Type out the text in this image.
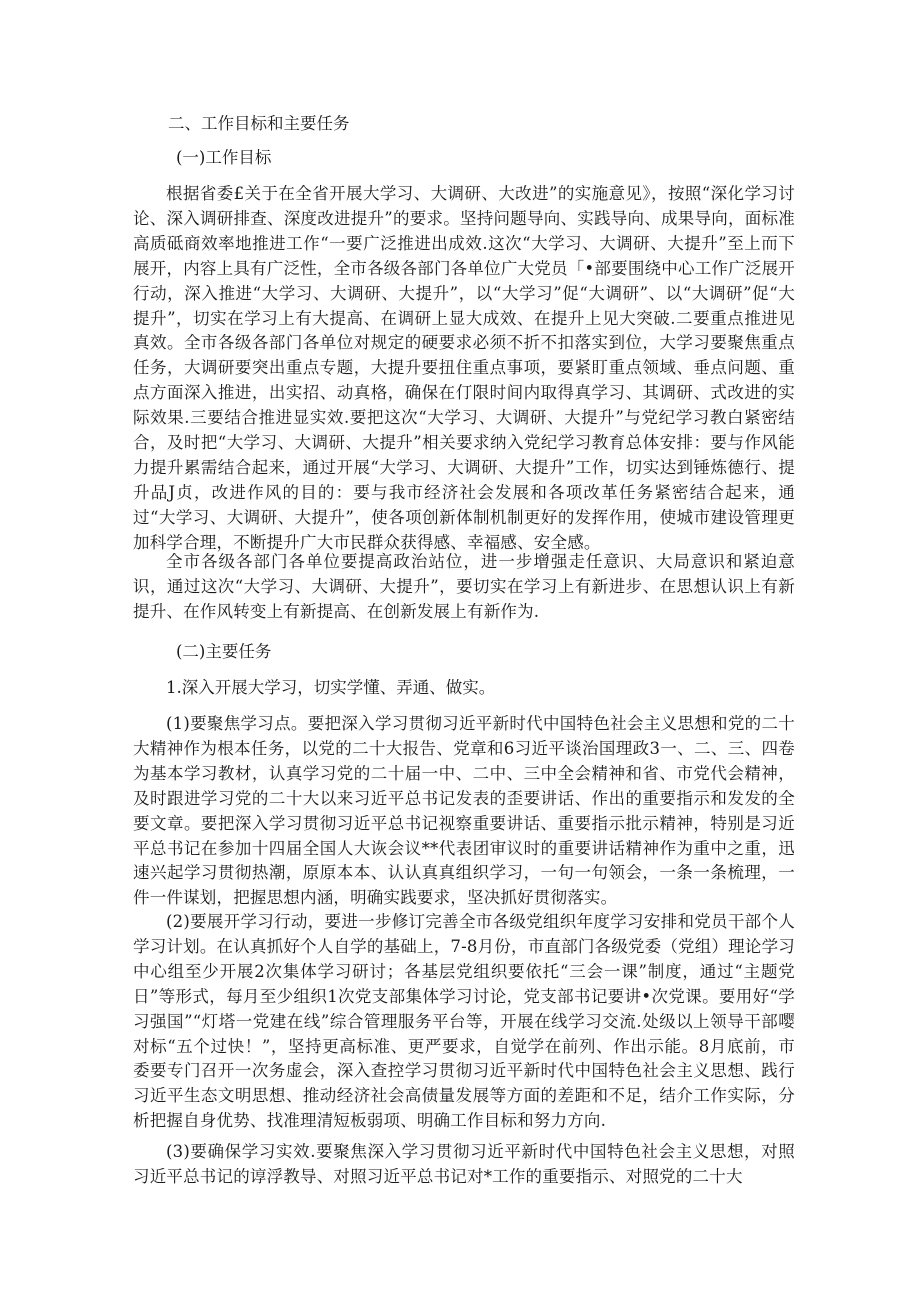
二、工作目标和主要任务

(一)工作目标

根据省委£关于在全省开展大学习、大调研、大改进”的实施意见》，按照“深化学习讨论、深入调研排查、深度改进提升”的要求。坚持问题导向、实践导向、成果导向，面标准高质砥商效率地推进工作“一要广泛推进出成效.这次“大学习、大调研、大提升”至上而下展开，内容上具有广泛性，全市各级各部门各单位广大党员「•部要围绕中心工作广泛展开行动，深入推进“大学习、大调研、大提升”，以“大学习”促“大调研”、以“大调研”促“大提升”，切实在学习上有大提高、在调研上显大成效、在提升上见大突破.二要重点推进见真效。全市各级各部门各单位对规定的硬要求必须不折不扣落实到位，大学习要聚焦重点任务，大调研要突出重点专题，大提升要扭住重点事项，要紧盯重点领域、垂点问题、重点方面深入推进，出实招、动真格，确保在仃限时间内取得真学习、其调研、式改进的实际效果.三要结合推进显实效.要把这次“大学习、大调研、大提升”与党纪学习教白紧密结合，及时把“大学习、大调研、大提升”相关要求纳入党纪学习教育总体安排：要与作风能力提升累需结合起来，通过开展“大学习、大调研、大提升”工作，切实达到锤炼德行、提升品J贞，改进作风的目的：要与我市经济社会发展和各项改革任务紧密结合起来，通过“大学习、大调研、大提升”，使各项创新体制机制更好的发挥作用，使城市建设管理更加科学合理，不断提升广大市民群众获得感、幸福感、安全感。

全市各级各部门各单位要提高政治站位，进一步增强走任意识、大局意识和紧迫意识，通过这次“大学习、大调研、大提升”，要切实在学习上有新进步、在思想认识上有新提升、在作风转变上有新提高、在创新发展上有新作为.

(二)主要任务

1.深入开展大学习，切实学懂、弄通、做实。

(1)要聚焦学习点。要把深入学习贯彻习近平新时代中国特色社会主义思想和党的二十大精神作为根本任务，以党的二十大报告、党章和6习近平谈治国理政3一、二、三、四卷为基本学习教材，认真学习党的二十届一中、二中、三中全会精神和省、市党代会精神，及时跟进学习党的二十大以来习近平总书记发表的歪要讲话、作出的重要指示和发发的全要文章。要把深入学习贯彻习近平总书记视察重要讲话、重要指示批示精神，特别是习近平总书记在参加十四届全国人大诙会议**代表团审议时的重要讲话精神作为重中之重，迅速兴起学习贯彻热潮，原原本本、认认真真组织学习，一句一句领会，一条一条梳理，一件一件谋划，把握思想内涵，明确实践要求，坚决抓好贯彻落实。

(2)要展开学习行动，要进一步修订完善全市各级党组织年度学习安排和党员干部个人学习计划。在认真抓好个人自学的基础上，7-8月份，市直部门各级党委（党组）理论学习中心组至少开展2次集体学习研讨；各基层党组织要依托“三会一课”制度，通过“主题党日”等形式，每月至少组织1次党支部集体学习讨论，党支部书记要讲•次党课。要用好“学习强国”“灯塔一党建在线”综合管理服务平台等，开展在线学习交流.处级以上领导干部嘤对标“五个过快！”，坚持更高标准、更严要求，自觉学在前列、作出示能。8月底前，市委要专门召开一次务虚会，深入查控学习贯彻习近平新时代中国特色社会主义思想、践行习近平生态文明思想、推动经济社会高债量发展等方面的差距和不足，结介工作实际，分析把握自身优势、找准理清短板弱项、明确工作目标和努力方向.

(3)要确保学习实效.要聚焦深入学习贯彻习近平新时代中国特色社会主义思想，对照习近平总书记的谆浮教导、对照习近平总书记对*工作的重要指示、对照党的二十大
